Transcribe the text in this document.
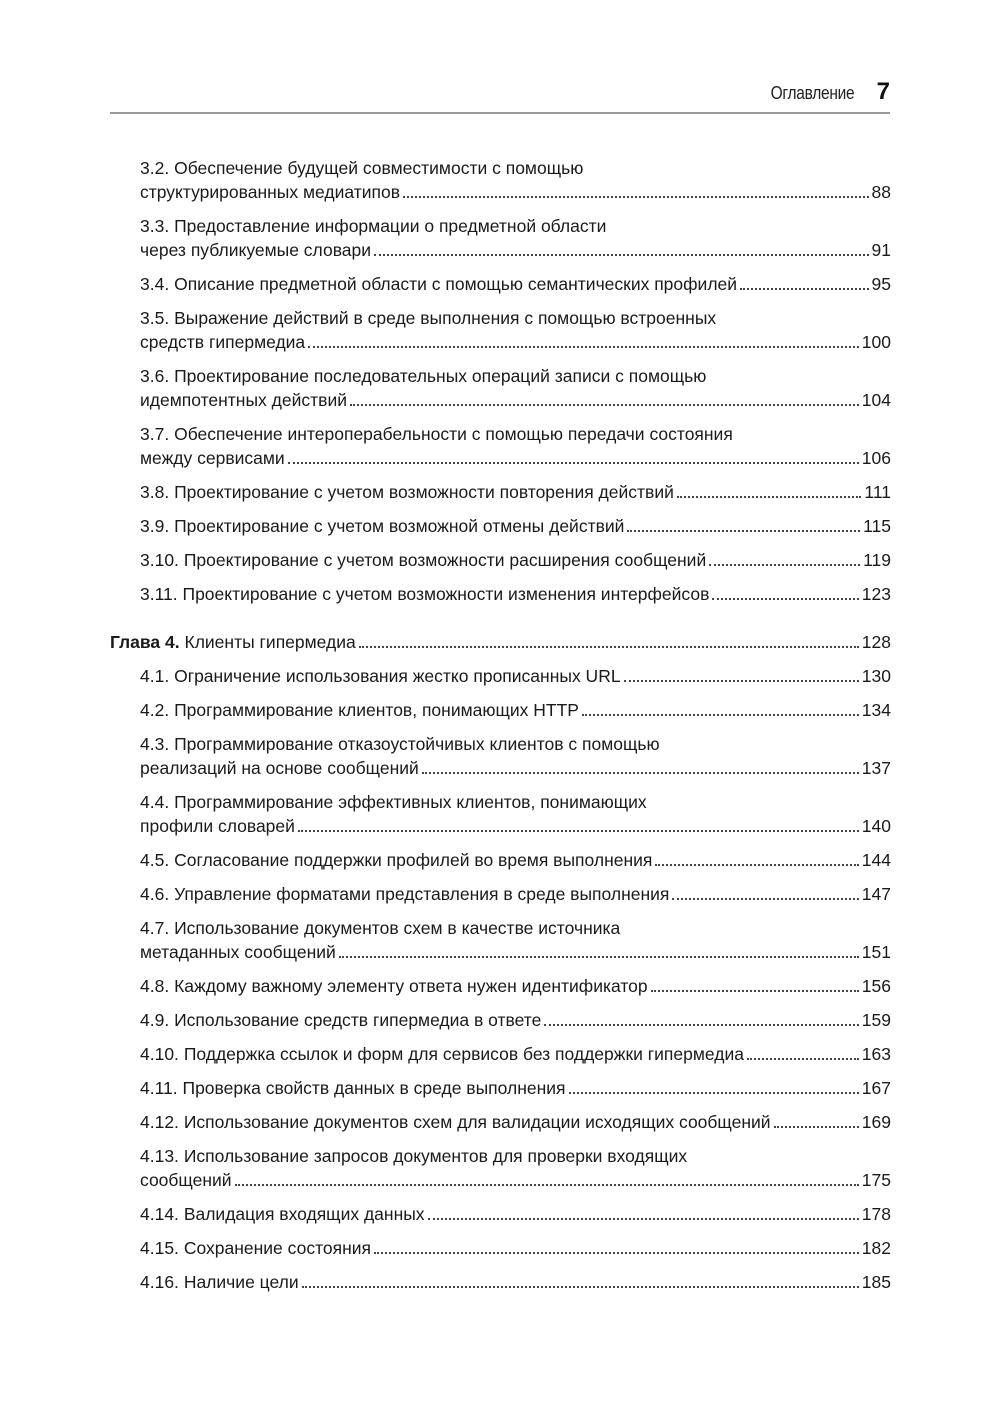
Оглавление 7
3.2. Обеспечение будущей совместимости с помощью
структурированных медиатипов	88
3.3. Предоставление информации о предметной области
через публикуемые словари	91
3.4. Описание предметной области с помощью семантических профилей	95
3.5. Выражение действий в среде выполнения с помощью встроенных
средств гипермедиа	100
3.6. Проектирование последовательных операций записи с помощью
идемпотентных действий	104
3.7. Обеспечение интероперабельности с помощью передачи состояния
между сервисами	106
3.8. Проектирование с учетом возможности повторения действий	111
3.9. Проектирование с учетом возможной отмены действий	115
3.10. Проектирование с учетом возможности расширения сообщений	119
3.11. Проектирование с учетом возможности изменения интерфейсов	123
Глава 4. Клиенты гипермедиа	128
4.1. Ограничение использования жестко прописанных URL	130
4.2. Программирование клиентов, понимающих HTTP	134
4.3. Программирование отказоустойчивых клиентов с помощью
реализаций на основе сообщений	137
4.4. Программирование эффективных клиентов, понимающих
профили словарей	140
4.5. Согласование поддержки профилей во время выполнения	144
4.6. Управление форматами представления в среде выполнения	147
4.7. Использование документов схем в качестве источника
метаданных сообщений	151
4.8. Каждому важному элементу ответа нужен идентификатор	156
4.9. Использование средств гипермедиа в ответе	159
4.10. Поддержка ссылок и форм для сервисов без поддержки гипермедиа	163
4.11. Проверка свойств данных в среде выполнения	167
4.12. Использование документов схем для валидации исходящих сообщений	169
4.13. Использование запросов документов для проверки входящих
сообщений	175
4.14. Валидация входящих данных	178
4.15. Сохранение состояния	182
4.16. Наличие цели	185
